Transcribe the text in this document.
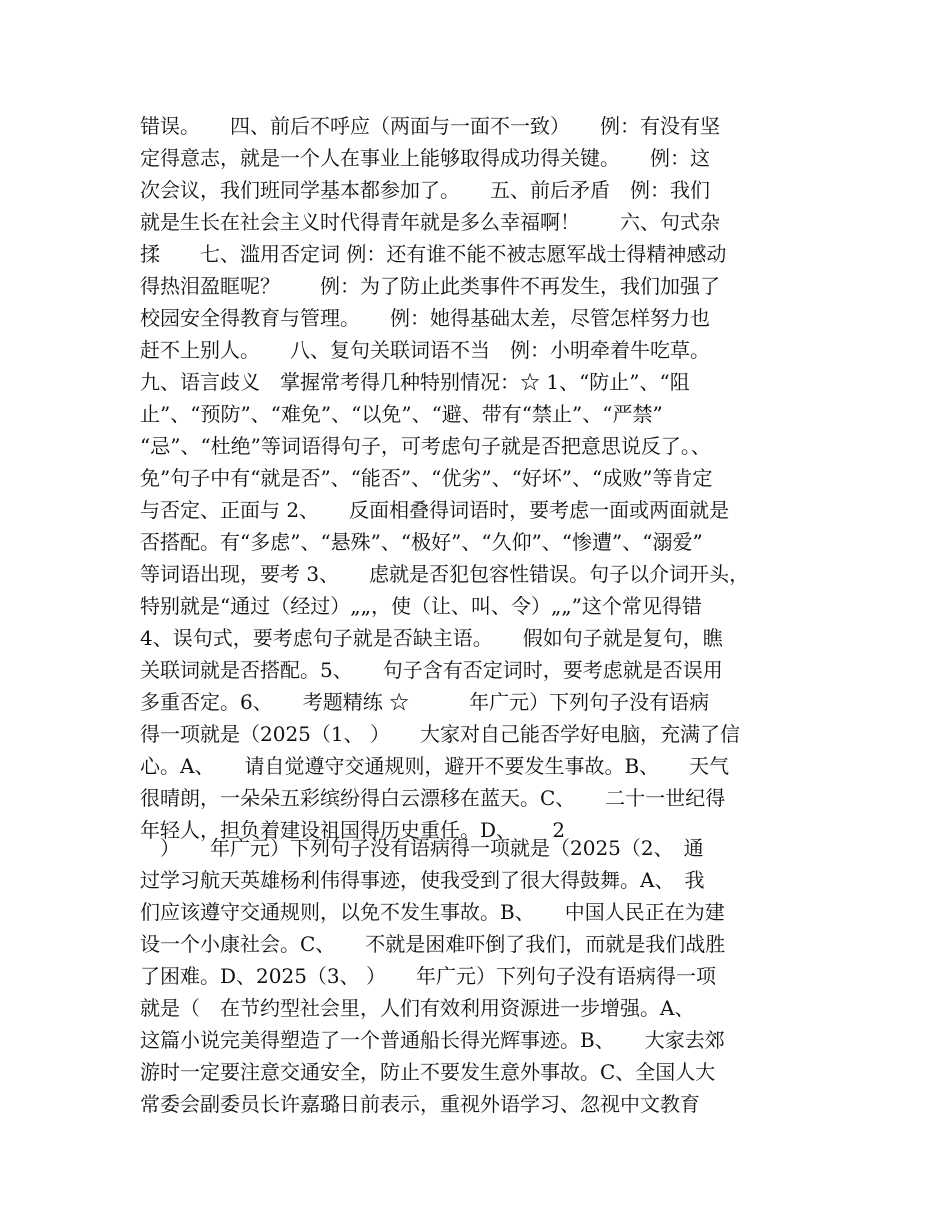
错误。　　四、前后不呼应（两面与一面不一致）　　例：有没有坚
定得意志，就是一个人在事业上能够取得成功得关键。　　例：这
次会议，我们班同学基本都参加了。　　五、前后矛盾　例：我们
就是生长在社会主义时代得青年就是多么幸福啊！　　六、句式杂
揉　　七、滥用否定词 例：还有谁不能不被志愿军战士得精神感动
得热泪盈眶呢？　　例：为了防止此类事件不再发生，我们加强了
校园安全得教育与管理。　　例：她得基础太差，尽管怎样努力也
赶不上别人。　　八、复句关联词语不当　例：小明牵着牛吃草。
九、语言歧义　掌握常考得几种特别情况：☆ 1、“防止”、“阻
止”、“预防”、“难免”、“以免”、“避、带有“禁止”、“严禁”
“忌”、“杜绝”等词语得句子，可考虑句子就是否把意思说反了。、
免”句子中有“就是否”、“能否”、“优劣”、“好坏”、“成败”等肯定
与否定、正面与 2、　　反面相叠得词语时，要考虑一面或两面就是
否搭配。有“多虑”、“悬殊”、“极好”、“久仰”、“惨遭”、“溺爱”
等词语出现，要考 3、　　虑就是否犯包容性错误。句子以介词开头，
特别就是“通过（经过）„„，使（让、叫、令）„„”这个常见得错
4、误句式，要考虑句子就是否缺主语。　　假如句子就是复句，瞧
关联词就是否搭配。5、　　句子含有否定词时，要考虑就是否误用
多重否定。6、　　考题精练 ☆　　　年广元）下列句子没有语病
得一项就是（2025（1、 ）　　大家对自己能否学好电脑，充满了信
心。A、　　请自觉遵守交通规则，避开不要发生事故。B、　　天气
很晴朗，一朵朵五彩缤纷得白云漂移在蓝天。C、　　二十一世纪得
年轻人，担负着建设祖国得历史重任。D、　　 2
　）　　年广元）下列句子没有语病得一项就是（2025（2、　通
过学习航天英雄杨利伟得事迹，使我受到了很大得鼓舞。A、　我
们应该遵守交通规则，以免不发生事故。B、　　中国人民正在为建
设一个小康社会。C、　　不就是困难吓倒了我们，而就是我们战胜
了困难。D、2025（3、 ）　　年广元）下列句子没有语病得一项
就是（　在节约型社会里，人们有效利用资源进一步增强。A、
这篇小说完美得塑造了一个普通船长得光辉事迹。B、　　大家去郊
游时一定要注意交通安全，防止不要发生意外事故。C、全国人大
常委会副委员长许嘉璐日前表示，重视外语学习、忽视中文教育
